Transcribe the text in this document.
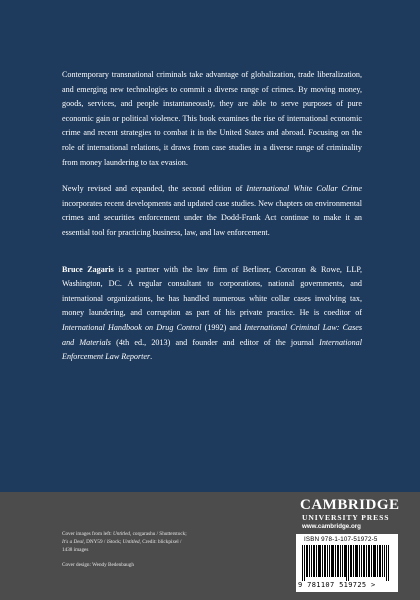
Contemporary transnational criminals take advantage of globalization, trade liberalization, and emerging new technologies to commit a diverse range of crimes. By moving money, goods, services, and people instantaneously, they are able to serve purposes of pure economic gain or political violence. This book examines the rise of international economic crime and recent strategies to combat it in the United States and abroad. Focusing on the role of international relations, it draws from case studies in a diverse range of criminality from money laundering to tax evasion.

Newly revised and expanded, the second edition of International White Collar Crime incorporates recent developments and updated case studies. New chapters on environmental crimes and securities enforcement under the Dodd-Frank Act continue to make it an essential tool for practicing business, law, and law enforcement.

Bruce Zagaris is a partner with the law firm of Berliner, Corcoran & Rowe, LLP, Washington, DC. A regular consultant to corporations, national governments, and international organizations, he has handled numerous white collar cases involving tax, money laundering, and corruption as part of his private practice. He is coeditor of International Handbook on Drug Control (1992) and International Criminal Law: Cases and Materials (4th ed., 2013) and founder and editor of the journal International Enforcement Law Reporter.

Cover images from left: Untitled, corgarashu / Shutterstock;
It's a Deal, DNY59 / iStock; Untitled, Credit: blickpixel /
1438 images
Cover design: Wendy Bedenbaugh
CAMBRIDGE
UNIVERSITY PRESS
www.cambridge.org
ISBN 978-1-107-51972-5
9 781107 519725 >
